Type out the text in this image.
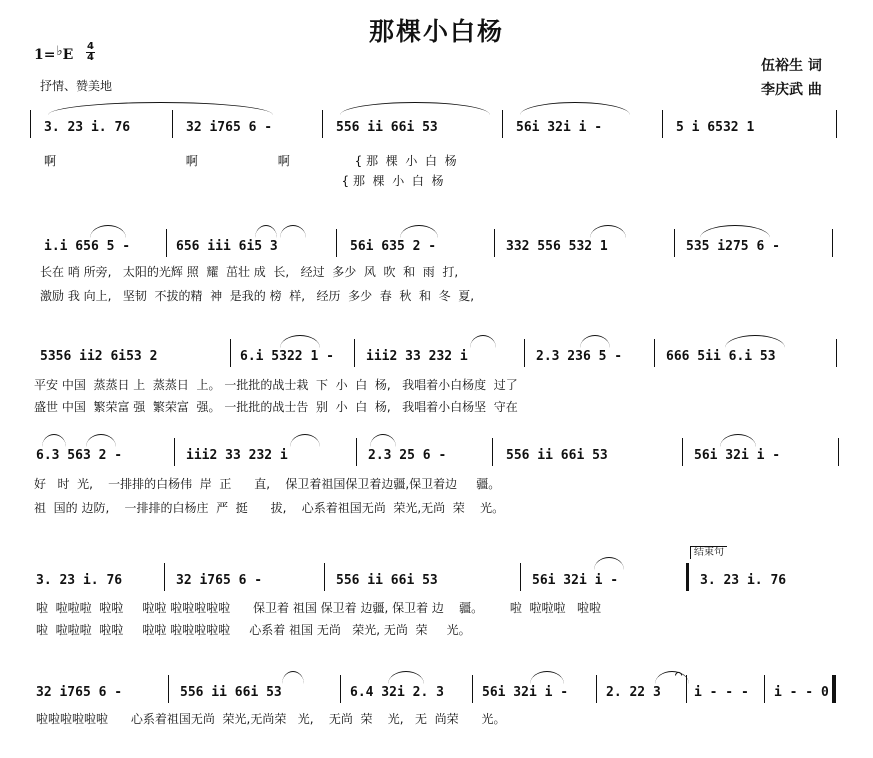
那棵小白杨
1=♭E
4
4
抒情、赞美地
伍裕生 词
李庆武 曲
3. 23 i. 76	32 i765 6 -	556 ii 66i 53	56i 32i i -	5 i 6532 1
啊                                  啊                     啊                 { 那  棵  小  白  杨
{ 那  棵  小  白  杨
i.i 656 5 -	656 iii 6i5 3	56i 635 2 -	332 556 532 1	535 i275 6 -
长在 哨 所旁,   太阳的光辉 照  耀  茁壮 成  长,   经过  多少  风  吹  和  雨  打,
激励 我 向上,   坚韧  不拔的精  神  是我的 榜  样,   经历  多少  春  秋  和  冬  夏,
5356 ii2 6i53 2	6.i 5322 1 - iii2 33 232 i	2.3 236 5 -	666 5ii 6.i 53
平安 中国  蒸蒸日 上  蒸蒸日  上。 一批批的战士栽  下  小  白  杨,   我唱着小白杨度  过了
盛世 中国  繁荣富 强  繁荣富  强。 一批批的战士告  别  小  白  杨,   我唱着小白杨坚  守在
6.3 563 2 -	iii2 33 232 i	2.3 25 6 -	556 ii 66i 53	56i 32i i -
好   时  光,    一排排的白杨伟  岸  正      直,    保卫着祖国保卫着边疆,保卫着边     疆。
祖  国的 边防,    一排排的白杨庄  严  挺      拔,    心系着祖国无尚  荣光,无尚  荣    光。
结束句
3. 23 i. 76	32 i765 6 -	556 ii 66i 53	56i 32i i -	3. 23 i. 76
啦  啦啦啦  啦啦     啦啦 啦啦啦啦啦      保卫着 祖国 保卫着 边疆, 保卫着 边    疆。       啦  啦啦啦   啦啦
啦  啦啦啦  啦啦     啦啦 啦啦啦啦啦     心系着 祖国 无尚   荣光, 无尚  荣     光。
⌒
32 i765 6 -	556 ii 66i 53	6.4 32i 2. 3	56i 32i i -	2. 22 3	i - - - i - - 0
啦啦啦啦啦啦      心系着祖国无尚  荣光,无尚荣   光,    无尚  荣    光,   无  尚荣      光。
